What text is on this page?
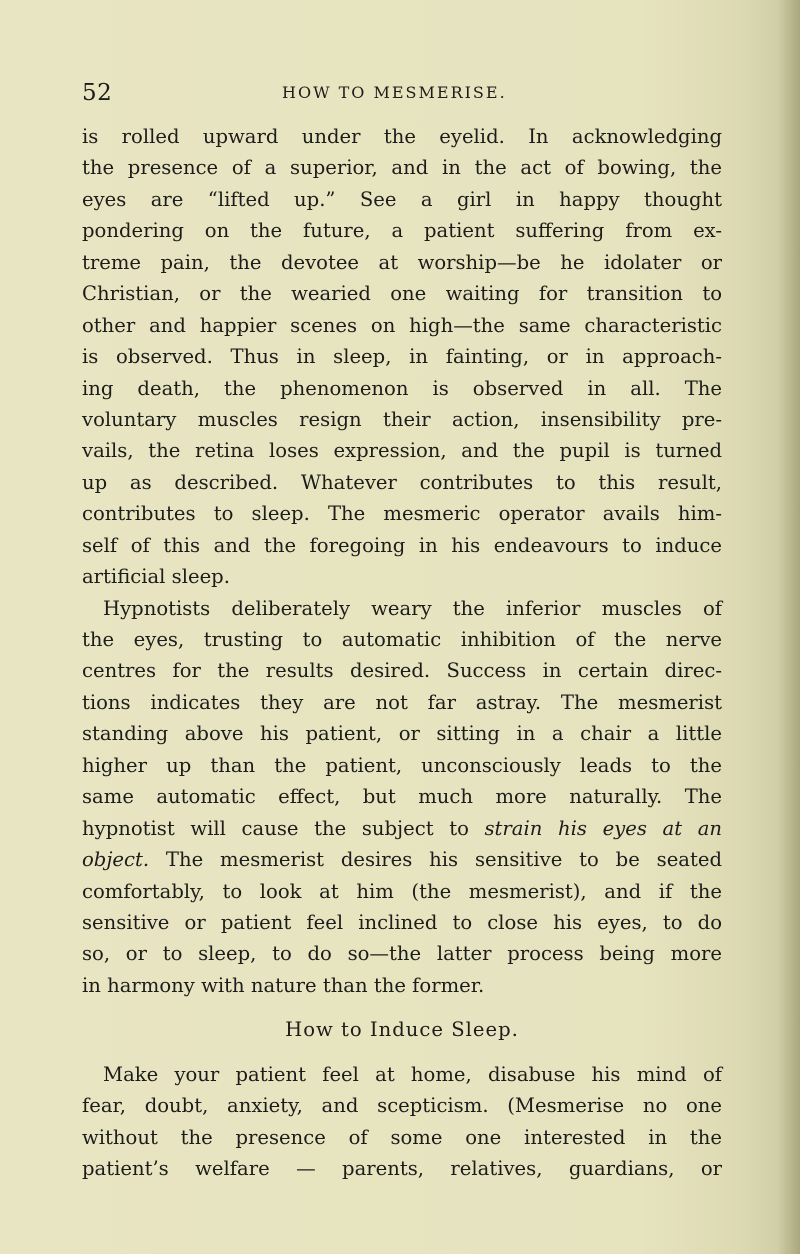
52	HOW TO MESMERISE.
is rolled upward under the eyelid. In acknowledging
the presence of a superior, and in the act of bowing, the
eyes are “lifted up.” See a girl in happy thought
pondering on the future, a patient suffering from ex-
treme pain, the devotee at worship—be he idolater or
Christian, or the wearied one waiting for transition to
other and happier scenes on high—the same characteristic
is observed. Thus in sleep, in fainting, or in approach-
ing death, the phenomenon is observed in all. The
voluntary muscles resign their action, insensibility pre-
vails, the retina loses expression, and the pupil is turned
up as described. Whatever contributes to this result,
contributes to sleep. The mesmeric operator avails him-
self of this and the foregoing in his endeavours to induce
artificial sleep.
Hypnotists deliberately weary the inferior muscles of
the eyes, trusting to automatic inhibition of the nerve
centres for the results desired. Success in certain direc-
tions indicates they are not far astray. The mesmerist
standing above his patient, or sitting in a chair a little
higher up than the patient, unconsciously leads to the
same automatic effect, but much more naturally. The
hypnotist will cause the subject to strain his eyes at an
object. The mesmerist desires his sensitive to be seated
comfortably, to look at him (the mesmerist), and if the
sensitive or patient feel inclined to close his eyes, to do
so, or to sleep, to do so—the latter process being more
in harmony with nature than the former.
How to Induce Sleep.
Make your patient feel at home, disabuse his mind of
fear, doubt, anxiety, and scepticism. (Mesmerise no one
without the presence of some one interested in the
patient’s welfare — parents, relatives, guardians, or
